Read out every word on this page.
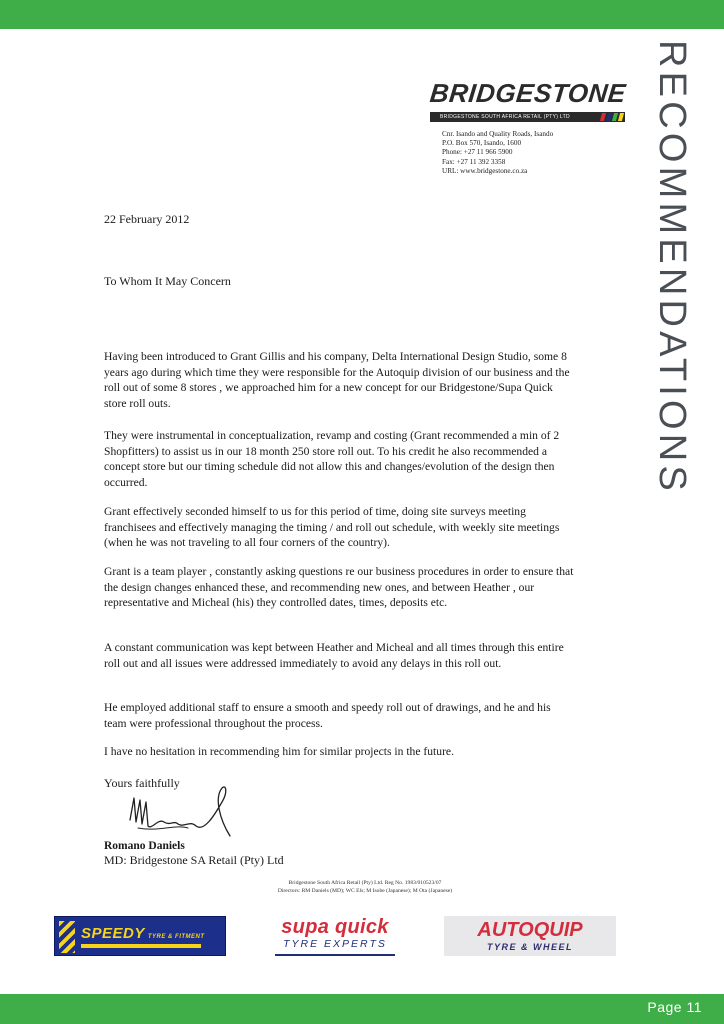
RECOMMENDATIONS
BRIDGESTONE
BRIDGESTONE SOUTH AFRICA RETAIL (PTY) LTD
Cnr. Isando and Quality Roads, Isando
P.O. Box 570, Isando, 1600
Phone: +27 11 966 5900
Fax: +27 11 392 3358
URL: www.bridgestone.co.za
22 February 2012
To Whom It May Concern
Having been introduced to Grant Gillis and his company, Delta International Design Studio, some 8 years ago during which time they were responsible for the Autoquip division of our business and the roll out of some 8 stores , we approached him for a new concept for our Bridgestone/Supa Quick store roll outs.
They were instrumental in conceptualization, revamp and costing (Grant recommended a min of 2 Shopfitters) to assist us in our 18 month 250 store roll out. To his credit he also recommended a concept store but our timing schedule did not allow this and changes/evolution of the design then occurred.
Grant effectively seconded himself to us for this period of time, doing site surveys meeting franchisees and effectively managing the timing / and roll out schedule, with weekly site meetings (when he was not traveling to all four corners of the country).
Grant is a team player , constantly asking questions re our business procedures in order to ensure that the design changes enhanced these, and recommending new ones, and between Heather , our representative and Micheal (his) they controlled dates, times, deposits etc.
A constant communication was kept between Heather and Micheal and all times through this entire roll out and all issues were addressed immediately to avoid any delays in this roll out.
He employed additional staff to ensure a smooth and speedy roll out of drawings, and he and his team were professional throughout the process.
I have no hesitation in recommending him for similar projects in the future.
Yours faithfully
Romano Daniels
MD: Bridgestone SA Retail (Pty) Ltd
Bridgestone South Africa Retail (Pty) Ltd. Reg No. 1983/010523/07
Directors: RM Daniels (MD); WC Els; M Isobe (Japanese); M Ota (Japanese)
SPEEDY TYRE & FITMENT	supa quick
TYRE EXPERTS
AUTOQUIP
TYRE & WHEEL
Page 11
